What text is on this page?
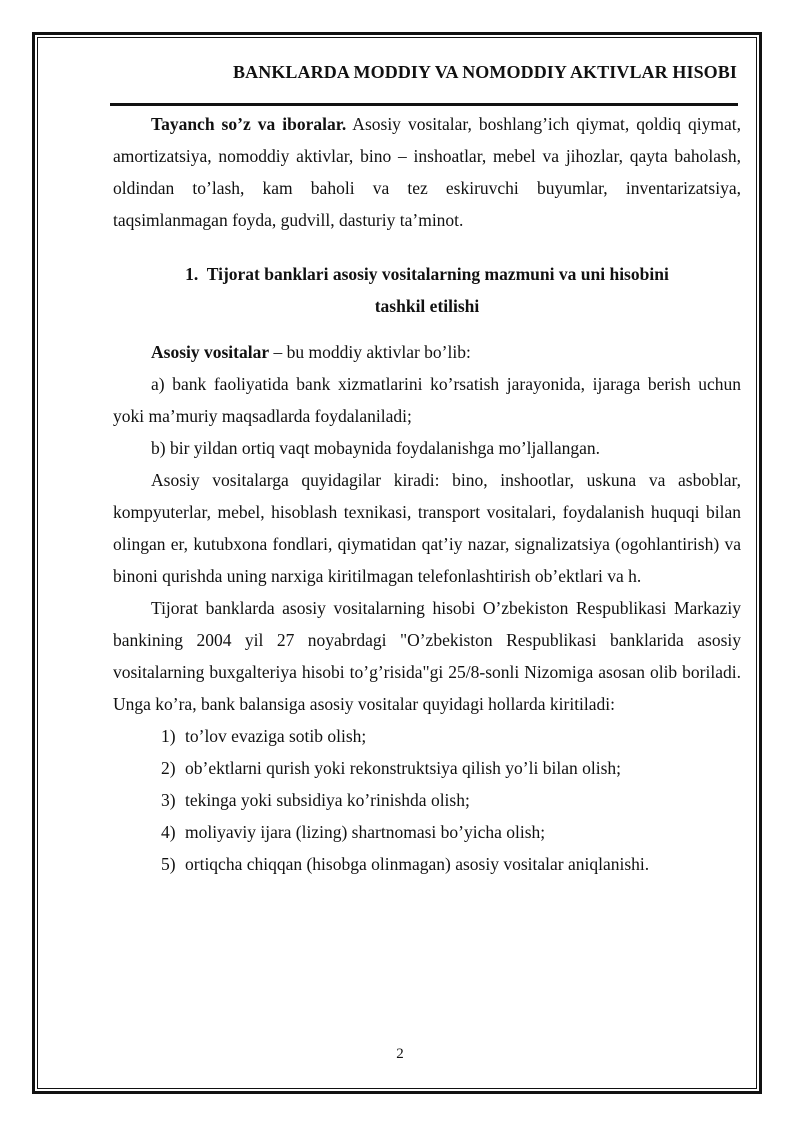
BANKLARDA MODDIY VA NOMODDIY AKTIVLAR HISOBI

Tayanch so’z va iboralar. Asosiy vositalar, boshlang’ich qiymat, qoldiq qiymat, amortizatsiya, nomoddiy aktivlar, bino – inshoatlar, mebel va jihozlar, qayta baholash, oldindan to’lash, kam baholi va tez eskiruvchi buyumlar, inventarizatsiya, taqsimlanmagan foyda, gudvill, dasturiy ta’minot.

1. Tijorat banklari asosiy vositalarning mazmuni va uni hisobini

tashkil etilishi

Asosiy vositalar – bu moddiy aktivlar bo’lib:

a) bank faoliyatida bank xizmatlarini ko’rsatish jarayonida, ijaraga berish uchun yoki ma’muriy maqsadlarda foydalaniladi;

b) bir yildan ortiq vaqt mobaynida foydalanishga mo’ljallangan.

Asosiy vositalarga quyidagilar kiradi: bino, inshootlar, uskuna va asboblar, kompyuterlar, mebel, hisoblash texnikasi, transport vositalari, foydalanish huquqi bilan olingan er, kutubxona fondlari, qiymatidan qat’iy nazar, signalizatsiya (ogohlantirish) va binoni qurishda uning narxiga kiritilmagan telefonlashtirish ob’ektlari va h.

Tijorat banklarda asosiy vositalarning hisobi O’zbekiston Respublikasi Markaziy bankining 2004 yil 27 noyabrdagi "O’zbekiston Respublikasi banklarida asosiy vositalarning buxgalteriya hisobi to’g’risida"gi 25/8-sonli Nizomiga asosan olib boriladi. Unga ko’ra, bank balansiga asosiy vositalar quyidagi hollarda kiritiladi:

1) to’lov evaziga sotib olish;
2) ob’ektlarni qurish yoki rekonstruktsiya qilish yo’li bilan olish;
3) tekinga yoki subsidiya ko’rinishda olish;
4) moliyaviy ijara (lizing) shartnomasi bo’yicha olish;
5) ortiqcha chiqqan (hisobga olinmagan) asosiy vositalar aniqlanishi.
2
